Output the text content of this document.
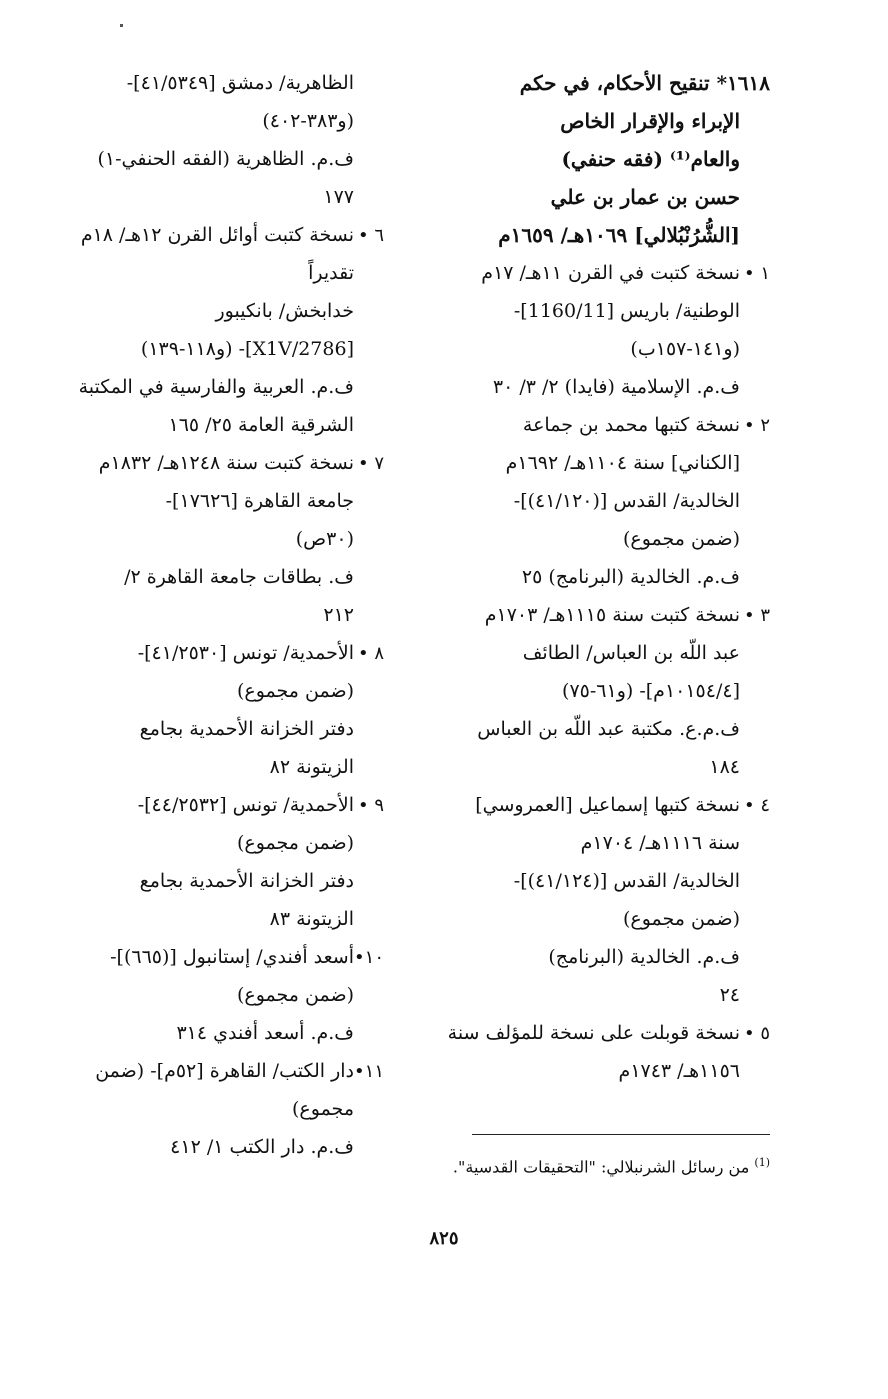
١٦١٨* تنقيح الأحكام، في حكم
الإبراء والإقرار الخاص
والعام⁽¹⁾ (فقه حنفي)
حسن بن عمار بن علي
[الشُّرُنْبُلالي] ١٠٦٩هـ/ ١٦٥٩م
١ •نسخة كتبت في القرن ١١هـ/ ١٧م
الوطنية/ باريس [1160/11]-
(و١٤١-١٥٧ب)
ف.م. الإسلامية (فايدا) ٢/ ٣/ ٣٠
٢ •نسخة كتبها محمد بن جماعة
[الكناني] سنة ١١٠٤هـ/ ١٦٩٢م
الخالدية/ القدس [(٤١/١٢٠)]-
(ضمن مجموع)
ف.م. الخالدية (البرنامج) ٢٥
٣ •نسخة كتبت سنة ١١١٥هـ/ ١٧٠٣م
عبد اللّه بن العباس/ الطائف
[١٠١٥٤/٤م]- (و٦١-٧٥)
ف.م.ع. مكتبة عبد اللّه بن العباس
١٨٤
٤ •نسخة كتبها إسماعيل [العمروسي]
سنة ١١١٦هـ/ ١٧٠٤م
الخالدية/ القدس [(٤١/١٢٤)]-
(ضمن مجموع)
ف.م. الخالدية (البرنامج)
٢٤
٥ •نسخة قوبلت على نسخة للمؤلف سنة
١١٥٦هـ/ ١٧٤٣م
الظاهرية/ دمشق [٤١/٥٣٤٩]-
(و٣٨٣-٤٠٢)
ف.م. الظاهرية (الفقه الحنفي-١)
١٧٧
٦ •نسخة كتبت أوائل القرن ١٢هـ/ ١٨م
تقديراً
خدابخش/ بانكيبور
[2786/X1V]- (و١١٨-١٣٩)
ف.م. العربية والفارسية في المكتبة
الشرقية العامة ٢٥/ ١٦٥
٧ •نسخة كتبت سنة ١٢٤٨هـ/ ١٨٣٢م
جامعة القاهرة [١٧٦٢٦]-
(٣٠ص)
ف. بطاقات جامعة القاهرة ٢/
٢١٢
٨ •الأحمدية/ تونس [٤١/٢٥٣٠]-
(ضمن مجموع)
دفتر الخزانة الأحمدية بجامع
الزيتونة ٨٢
٩ •الأحمدية/ تونس [٤٤/٢٥٣٢]-
(ضمن مجموع)
دفتر الخزانة الأحمدية بجامع
الزيتونة ٨٣
١٠•أسعد أفندي/ إستانبول [(٦٦٥)]-
(ضمن مجموع)
ف.م. أسعد أفندي ٣١٤
١١•دار الكتب/ القاهرة [٥٢م]- (ضمن
مجموع)
ف.م. دار الكتب ١/ ٤١٢
$^{(1)}$ من رسائل الشرنبلالي: "التحقيقات القدسية".
٨٢٥
